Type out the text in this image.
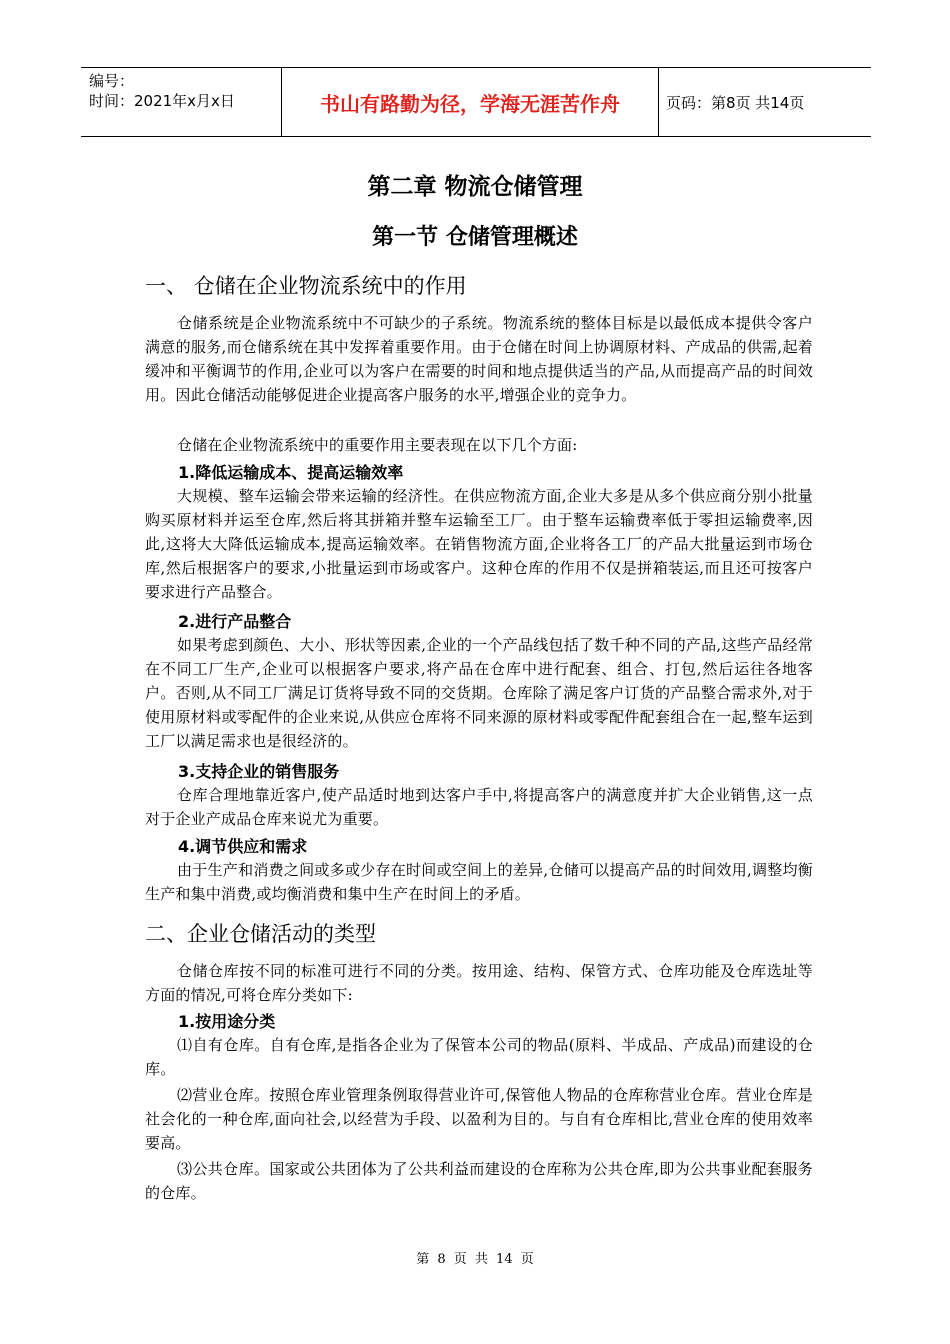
编号：
时间：2021年x月x日	书山有路勤为径，学海无涯苦作舟	页码：第8页 共14页
第二章 物流仓储管理
第一节 仓储管理概述
一、 仓储在企业物流系统中的作用
仓储系统是企业物流系统中不可缺少的子系统。物流系统的整体目标是以最低成本提供令客户满意的服务,而仓储系统在其中发挥着重要作用。由于仓储在时间上协调原材料、产成品的供需,起着缓冲和平衡调节的作用,企业可以为客户在需要的时间和地点提供适当的产品,从而提高产品的时间效用。因此仓储活动能够促进企业提高客户服务的水平,增强企业的竞争力。
仓储在企业物流系统中的重要作用主要表现在以下几个方面:
1.降低运输成本、提高运输效率
大规模、整车运输会带来运输的经济性。在供应物流方面,企业大多是从多个供应商分别小批量购买原材料并运至仓库,然后将其拼箱并整车运输至工厂。由于整车运输费率低于零担运输费率,因此,这将大大降低运输成本,提高运输效率。在销售物流方面,企业将各工厂的产品大批量运到市场仓库,然后根据客户的要求,小批量运到市场或客户。这种仓库的作用不仅是拼箱装运,而且还可按客户要求进行产品整合。
2.进行产品整合
如果考虑到颜色、大小、形状等因素,企业的一个产品线包括了数千种不同的产品,这些产品经常在不同工厂生产,企业可以根据客户要求,将产品在仓库中进行配套、组合、打包,然后运往各地客户。否则,从不同工厂满足订货将导致不同的交货期。仓库除了满足客户订货的产品整合需求外,对于使用原材料或零配件的企业来说,从供应仓库将不同来源的原材料或零配件配套组合在一起,整车运到工厂以满足需求也是很经济的。
3.支持企业的销售服务
仓库合理地靠近客户,使产品适时地到达客户手中,将提高客户的满意度并扩大企业销售,这一点对于企业产成品仓库来说尤为重要。
4.调节供应和需求
由于生产和消费之间或多或少存在时间或空间上的差异,仓储可以提高产品的时间效用,调整均衡生产和集中消费,或均衡消费和集中生产在时间上的矛盾。
二、企业仓储活动的类型
仓储仓库按不同的标准可进行不同的分类。按用途、结构、保管方式、仓库功能及仓库选址等方面的情况,可将仓库分类如下:
1.按用途分类
⑴自有仓库。自有仓库,是指各企业为了保管本公司的物品(原料、半成品、产成品)而建设的仓库。
⑵营业仓库。按照仓库业管理条例取得营业许可,保管他人物品的仓库称营业仓库。营业仓库是社会化的一种仓库,面向社会,以经营为手段、以盈利为目的。与自有仓库相比,营业仓库的使用效率要高。
⑶公共仓库。国家或公共团体为了公共利益而建设的仓库称为公共仓库,即为公共事业配套服务的仓库。
第 8 页 共 14 页
